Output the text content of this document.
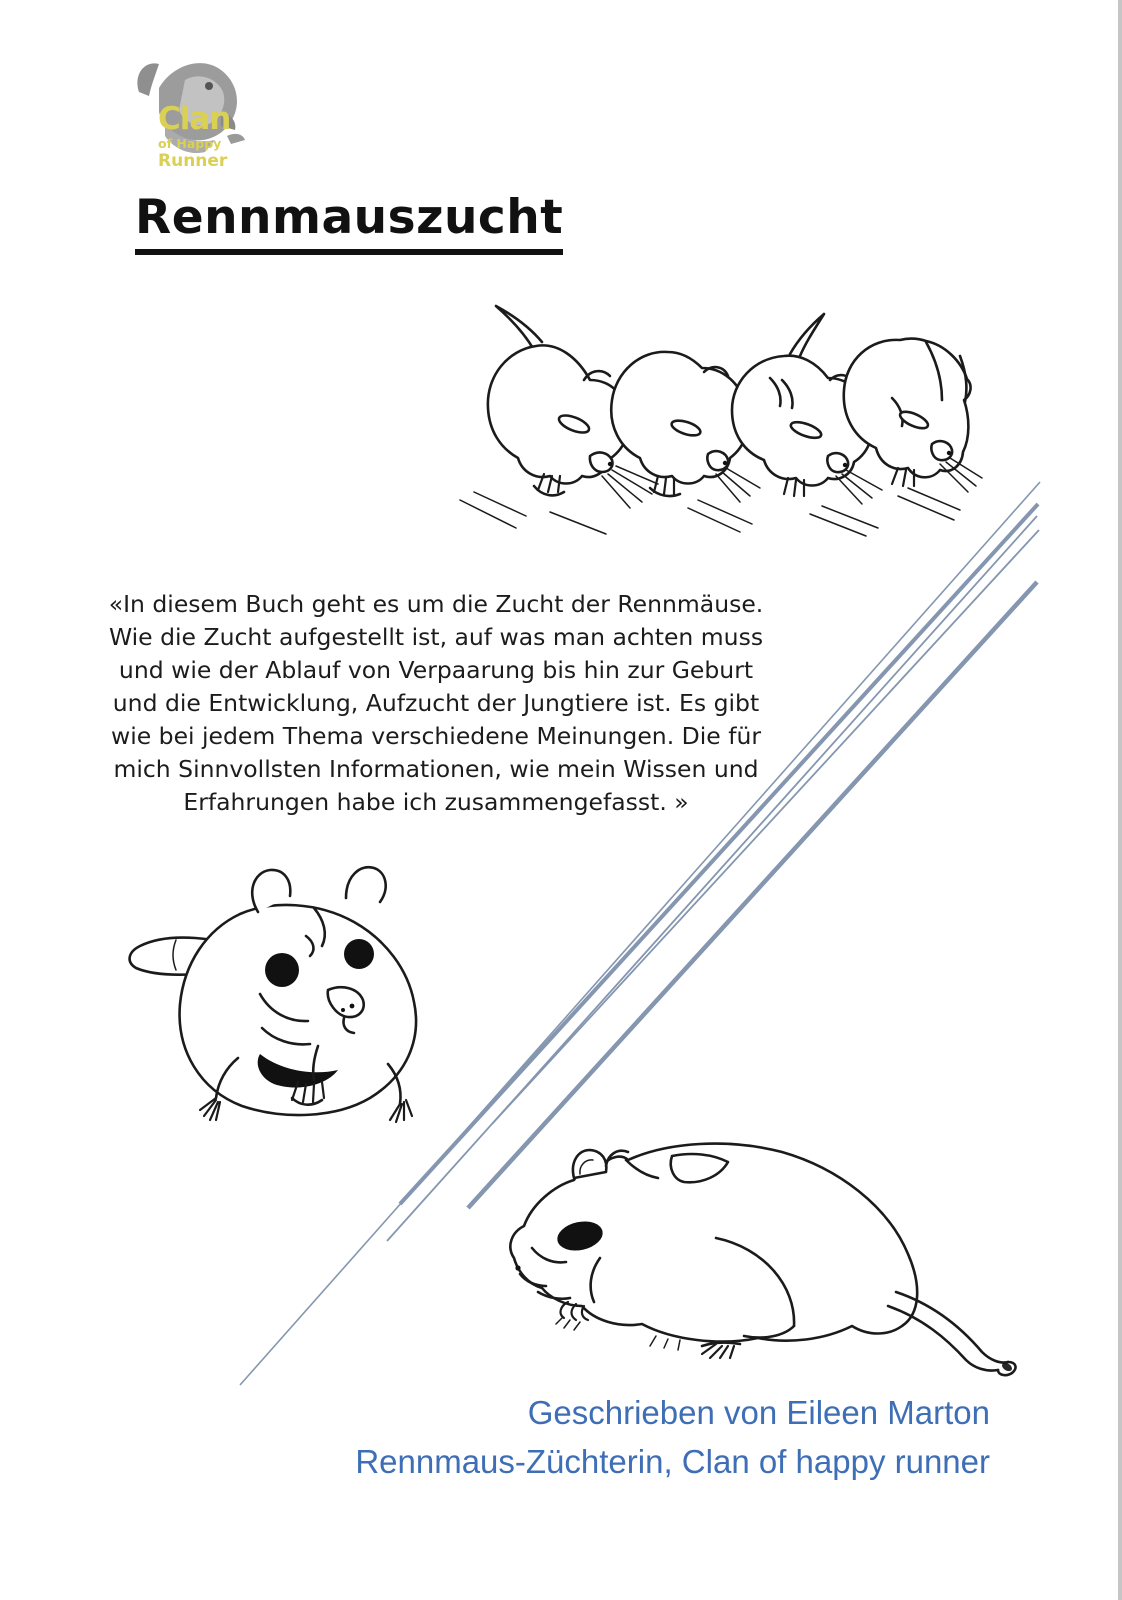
Clan
of Happy
Runner
Rennmauszucht
«In diesem Buch geht es um die Zucht der Rennmäuse.
Wie die Zucht aufgestellt ist, auf was man achten muss
und wie der Ablauf von Verpaarung bis hin zur Geburt
und die Entwicklung, Aufzucht der Jungtiere ist. Es gibt
wie bei jedem Thema verschiedene Meinungen. Die für
mich Sinnvollsten Informationen, wie mein Wissen und
Erfahrungen habe ich zusammengefasst. »
Geschrieben von Eileen Marton
Rennmaus-Züchterin, Clan of happy runner
